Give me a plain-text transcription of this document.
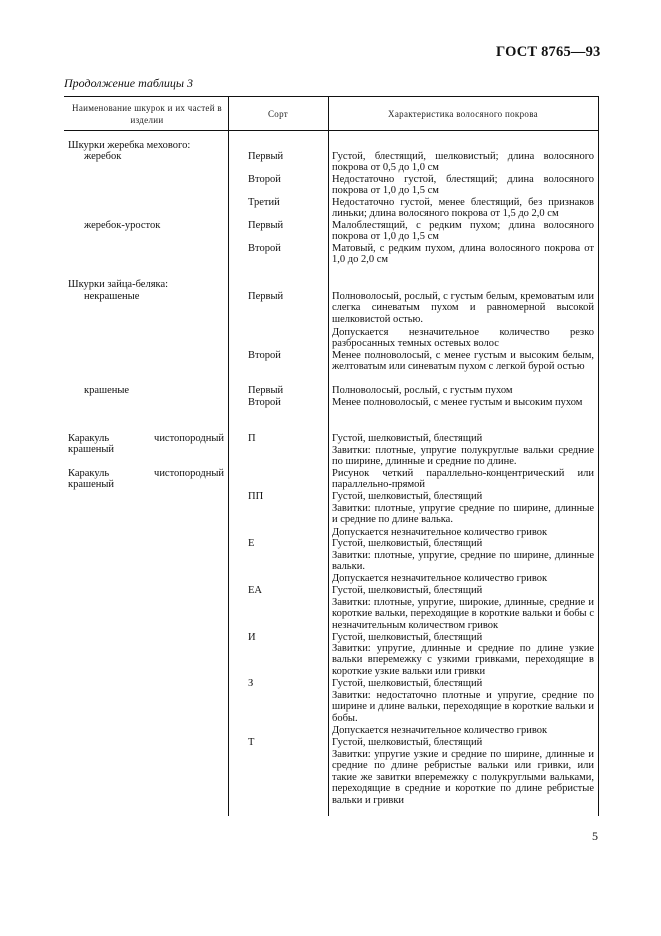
ГОСТ 8765—93
Продолжение таблицы 3
Наименование шкурок и их частей в изделии
Сорт	Характеристика волосяного покрова
Шкурки жеребка мехового:
жеребок
жеребок-уросток
Первый
Второй
Третий
Первый
Второй
Густой, блестящий, шелковистый; длина волосяного покрова от 0,5 до 1,0 см
Недостаточно густой, блестящий; длина волосяного покрова от 1,0 до 1,5 см
Недостаточно густой, менее блестящий, без признаков линьки; длина волосяного покрова от 1,5 до 2,0 см
Малоблестящий, с редким пухом; длина волосяного покрова от 1,0 до 1,5 см
Матовый, с редким пухом, длина волосяного покрова от 1,0 до 2,0 см
Шкурки зайца-беляка:
некрашеные
крашеные
Первый
Второй
Первый
Второй
Полноволосый, рослый, с густым белым, кремоватым или слегка синеватым пухом и равномерной высокой шелковистой остью.
Допускается незначительное количество резко разбросанных темных остевых волос
Менее полноволосый, с менее густым и высоким белым, желтоватым или синеватым пухом с легкой бурой остью
Полноволосый, рослый, с густым пухом
Менее полноволосый, с менее густым и высоким пухом
Каракуль чистопородный крашеный
Каракуль чистопородный крашеный
П
ПП
Е
ЕА
И
З
Т
Густой, шелковистый, блестящий
Завитки: плотные, упругие полукруглые вальки средние по ширине, длинные и средние по длине.
Рисунок четкий параллельно-концентрический или параллельно-прямой
Густой, шелковистый, блестящий
Завитки: плотные, упругие средние по ширине, длинные и средние по длине валька.
Допускается незначительное количество гривок
Густой, шелковистый, блестящий
Завитки: плотные, упругие, средние по ширине, длинные вальки.
Допускается незначительное количество гривок
Густой, шелковистый, блестящий
Завитки: плотные, упругие, широкие, длинные, средние и короткие вальки, переходящие в короткие вальки и бобы с незначительным количеством гривок
Густой, шелковистый, блестящий
Завитки: упругие, длинные и средние по длине узкие вальки вперемежку с узкими гривками, переходящие в короткие узкие вальки или гривки
Густой, шелковистый, блестящий
Завитки: недостаточно плотные и упругие, средние по ширине и длине вальки, переходящие в короткие вальки и бобы.
Допускается незначительное количество гривок
Густой, шелковистый, блестящий
Завитки: упругие узкие и средние по ширине, длинные и средние по длине ребристые вальки или гривки, или такие же завитки вперемежку с полукруглыми вальками, переходящие в средние и короткие по длине ребристые вальки и гривки
5
